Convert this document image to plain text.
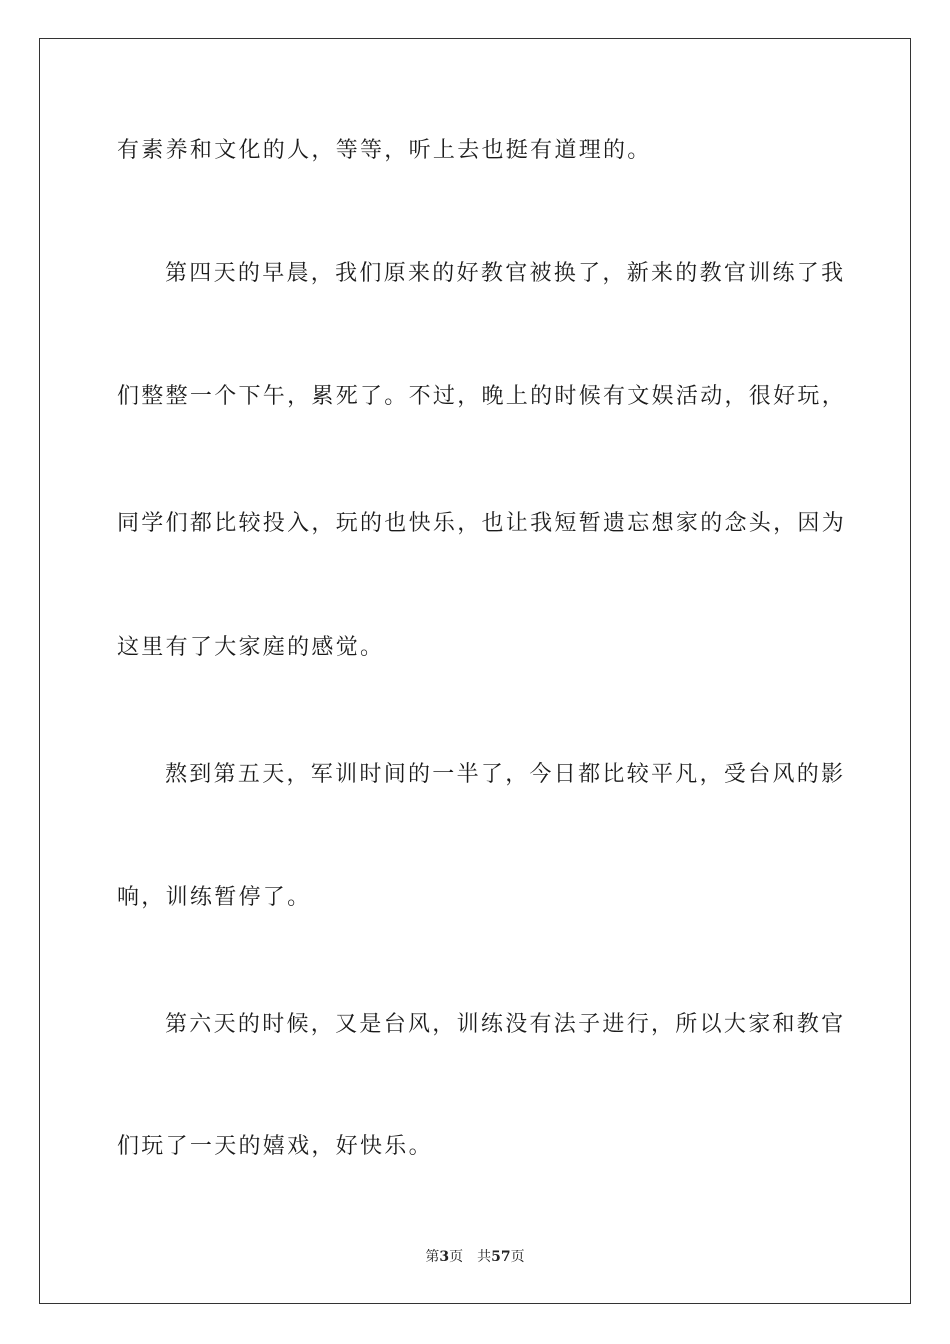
有素养和文化的人，等等，听上去也挺有道理的。
第四天的早晨，我们原来的好教官被换了，新来的教官训练了我
们整整一个下午，累死了。不过，晚上的时候有文娱活动，很好玩，
同学们都比较投入，玩的也快乐，也让我短暂遗忘想家的念头，因为
这里有了大家庭的感觉。
熬到第五天，军训时间的一半了，今日都比较平凡，受台风的影
响，训练暂停了。
第六天的时候，又是台风，训练没有法子进行，所以大家和教官
们玩了一天的嬉戏，好快乐。
第3页 共57页
